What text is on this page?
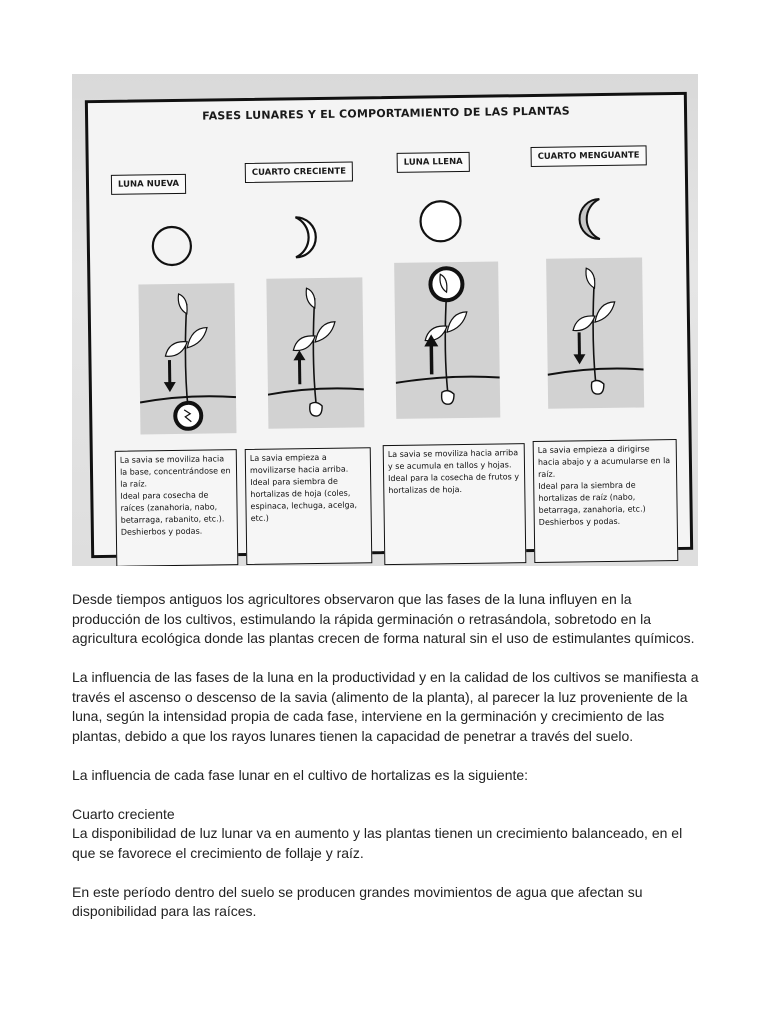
FASES LUNARES Y EL COMPORTAMIENTO DE LAS PLANTAS
LUNA NUEVA

La savia se moviliza hacia la base, concentrándose en la raíz.

Ideal para cosecha de raíces (zanahoria, nabo, betarraga, rabanito, etc.).

Deshierbos y podas.

CUARTO CRECIENTE

La savia empieza a movilizarse hacia arriba.

Ideal para siembra de hortalizas de hoja (coles, espinaca, lechuga, acelga, etc.)

LUNA LLENA

La savia se moviliza hacia arriba y se acumula en tallos y hojas.

Ideal para la cosecha de frutos y hortalizas de hoja.

CUARTO MENGUANTE

La savia empieza a dirigirse hacia abajo y a acumularse en la raíz.

Ideal para la siembra de hortalizas de raíz (nabo, betarraga, zanahoria, etc.)

Deshierbos y podas.

Desde tiempos antiguos los agricultores observaron que las fases de la luna influyen en la producción de los cultivos, estimulando la rápida germinación o retrasándola, sobretodo en la agricultura ecológica donde las plantas crecen de forma natural sin el uso de estimulantes químicos.

La influencia de las fases de la luna en la productividad y en la calidad de los cultivos se manifiesta a través el ascenso o descenso de la savia (alimento de la planta), al parecer la luz proveniente de la luna, según la intensidad propia de cada fase, interviene en la germinación y crecimiento de las plantas, debido a que los rayos lunares tienen la capacidad de penetrar a través del suelo.

La influencia de cada fase lunar en el cultivo de hortalizas es la siguiente:

Cuarto creciente
La disponibilidad de luz lunar va en aumento y las plantas tienen un crecimiento balanceado, en el que se favorece el crecimiento de follaje y raíz.

En este período dentro del suelo se producen grandes movimientos de agua que afectan su disponibilidad para las raíces.
